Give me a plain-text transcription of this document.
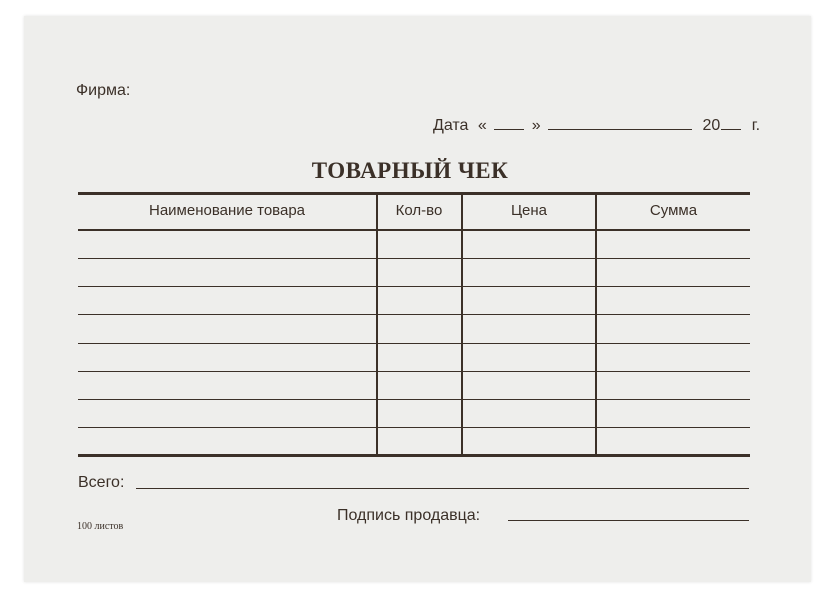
Фирма:
Дата «	»	20 г.
ТОВАРНЫЙ ЧЕК
Наименование товара	Кол-во	Цена	Сумма
Всего:
100 листов
Подпись продавца:
